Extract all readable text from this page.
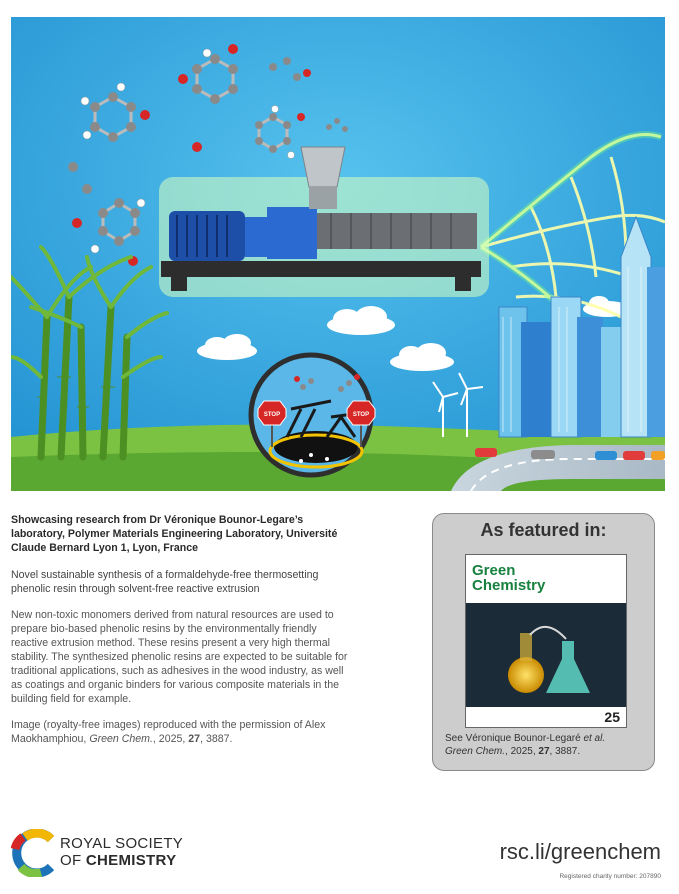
STOP	STOP

Showcasing research from Dr Véronique Bounor-Legare’s laboratory, Polymer Materials Engineering Laboratory, Université Claude Bernard Lyon 1, Lyon, France

Novel sustainable synthesis of a formaldehyde-free thermosetting phenolic resin through solvent-free reactive extrusion

New non-toxic monomers derived from natural resources are used to prepare bio-based phenolic resins by the environmentally friendly reactive extrusion method. These resins present a very high thermal stability. The synthesized phenolic resins are expected to be suitable for traditional applications, such as adhesives in the wood industry, as well as coatings and organic binders for various composite materials in the building field for example.

Image (royalty-free images) reproduced with the permission of Alex Maokhamphiou, Green Chem., 2025, 27, 3887.

As featured in:
Green
Chemistry
25
See Véronique Bounor-Legaré et al.
Green Chem., 2025, 27, 3887.
ROYAL SOCIETY
OF CHEMISTRY	rsc.li/greenchem
Registered charity number: 207890
